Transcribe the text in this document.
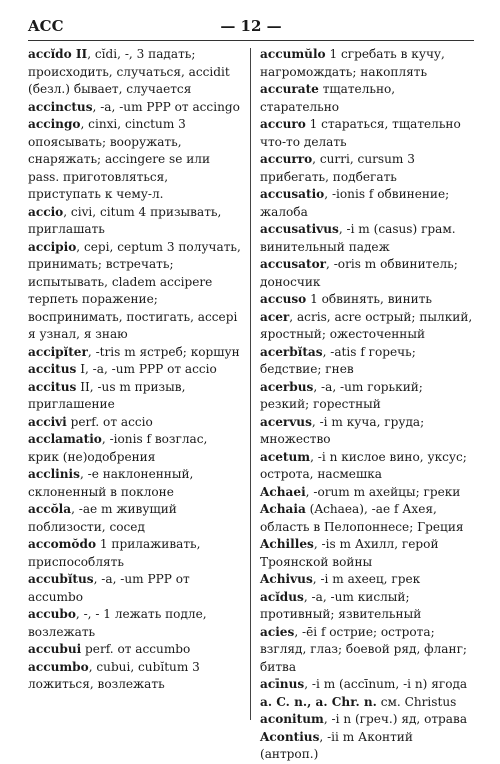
ACC	— 12 —

accĭdo II, cĭdi, -, 3 падать; происходить, случаться, accidit (безл.) бывает, случается

accinctus, -a, -um PPP от accingo

accingo, cinxi, cinctum 3 опоясывать; вооружать, снаряжать; accingere se или pass. приготовляться, приступать к чему-л.

accio, civi, citum 4 призывать, приглашать

accipio, cepi, ceptum 3 получать, принимать; встречать; испытывать, cladem accipere терпеть поражение; воспринимать, постигать, accepi я узнал, я знаю

accipĭter, -tris m ястреб; коршун

accitus I, -a, -um PPP от accio

accitus II, -us m призыв, приглашение

accivi perf. от accio

acclamatio, -ionis f возглас, крик (не)одобрения

acclinis, -e наклоненный, склоненный в поклоне

accŏla, -ae m живущий поблизости, сосед

accomŏdo 1 прилаживать, приспособлять

accubĭtus, -a, -um PPP от accumbo

accubo, -, - 1 лежать подле, возлежать

accubui perf. от accumbo

accumbo, cubui, cubĭtum 3 ложиться, возлежать

accumŭlo 1 сгребать в кучу, нагромождать; накоплять

accurate тщательно, старательно

accuro 1 стараться, тщательно что-то делать

accurro, curri, cursum 3 прибегать, подбегать

accusatio, -ionis f обвинение; жалоба

accusativus, -i m (casus) грам. винительный падеж

accusator, -oris m обвинитель; доносчик

accuso 1 обвинять, винить

acer, acris, acre острый; пылкий, яростный; ожесточенный

acerbĭtas, -atis f горечь; бедствие; гнев

acerbus, -a, -um горький; резкий; горестный

acervus, -i m куча, груда; множество

acetum, -i n кислое вино, уксус; острота, насмешка

Achaei, -orum m ахейцы; греки

Achaia (Achaea), -ae f Ахея, область в Пелопоннесе; Греция

Achilles, -is m Ахилл, герой Троянской войны

Achivus, -i m ахеец, грек

acĭdus, -a, -um кислый; противный; язвительный

acies, -ēi f острие; острота; взгляд, глаз; боевой ряд, фланг; битва

acīnus, -i m (accīnum, -i n) ягода

a. C. n., a. Chr. n. см. Christus

aconitum, -i n (греч.) яд, отрава

Acontius, -ii m Аконтий (антроп.)
